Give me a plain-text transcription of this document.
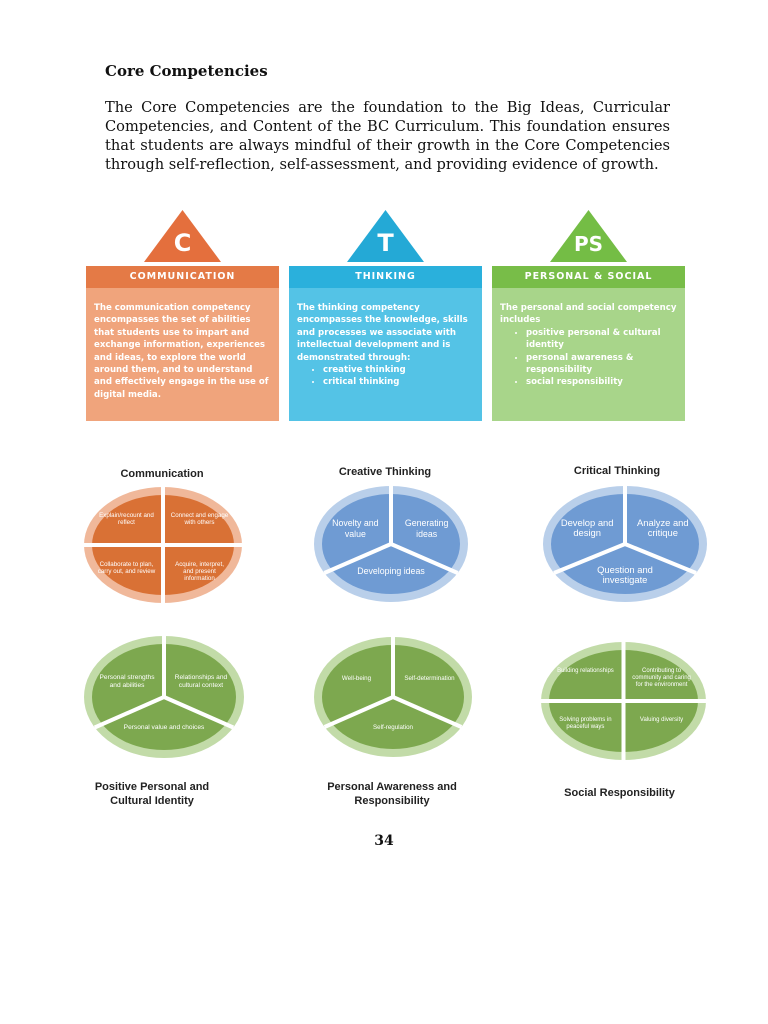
Core Competencies

The Core Competencies are the foundation to the Big Ideas, Curricular Competencies, and Content of the BC Curriculum. This foundation ensures that students are always mindful of their growth in the Core Competencies through self-reflection, self-assessment, and providing evidence of growth.

C
COMMUNICATION
The communication competency encompasses the set of abilities that students use to impart and exchange information, experiences and ideas, to explore the world around them, and to understand and effectively engage in the use of digital media.
T
THINKING
The thinking competency encompasses the knowledge, skills and processes we associate with intellectual development and is demonstrated through:
• creative thinking
• critical thinking
PS
PERSONAL & SOCIAL
The personal and social competency includes
• positive personal & cultural identity
• personal awareness & responsibility
• social responsibility
Communication	Creative Thinking	Critical Thinking
Positive Personal and Cultural Identity
Personal Awareness and Responsibility
Social Responsibility
Explain/recount and reflect
Connect and engage with others
Acquire, interpret, and present information
Collaborate to plan, carry out, and review
Novelty and value
Generating ideas
Developing ideas
Develop and design
Analyze and critique
Question and investigate
Personal strengths and abilities
Relationships and cultural context
Personal value and choices
Well-being	Self-determination
Self-regulation
Building relationships	Contributing to community and caring for the environment
Valuing diversity
Solving problems in peaceful ways
34
